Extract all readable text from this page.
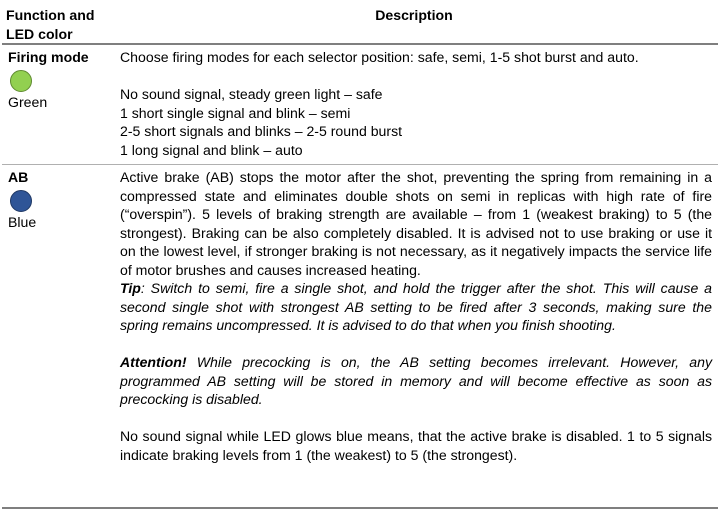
Function and LED color	Description

Firing mode
Green	Choose firing modes for each selector position: safe, semi, 1-5 shot burst and auto.
No sound signal, steady green light – safe
1 short single signal and blink – semi
2-5 short signals and blinks – 2-5 round burst
1 long signal and blink – auto

AB
Blue	Active brake (AB) stops the motor after the shot, preventing the spring from remaining in a compressed state and eliminates double shots on semi in replicas with high rate of fire (“overspin”). 5 levels of braking strength are available – from 1 (weakest braking) to 5 (the strongest). Braking can be also completely disabled. It is advised not to use braking or use it on the lowest level, if stronger braking is not necessary, as it negatively impacts the service life of motor brushes and causes increased heating.
Tip: Switch to semi, fire a single shot, and hold the trigger after the shot. This will cause a second single shot with strongest AB setting to be fired after 3 seconds, making sure the spring remains uncompressed. It is advised to do that when you finish shooting.
Attention! While precocking is on, the AB setting becomes irrelevant. However, any programmed AB setting will be stored in memory and will become effective as soon as precocking is disabled.
No sound signal while LED glows blue means, that the active brake is disabled. 1 to 5 signals indicate braking levels from 1 (the weakest) to 5 (the strongest).
